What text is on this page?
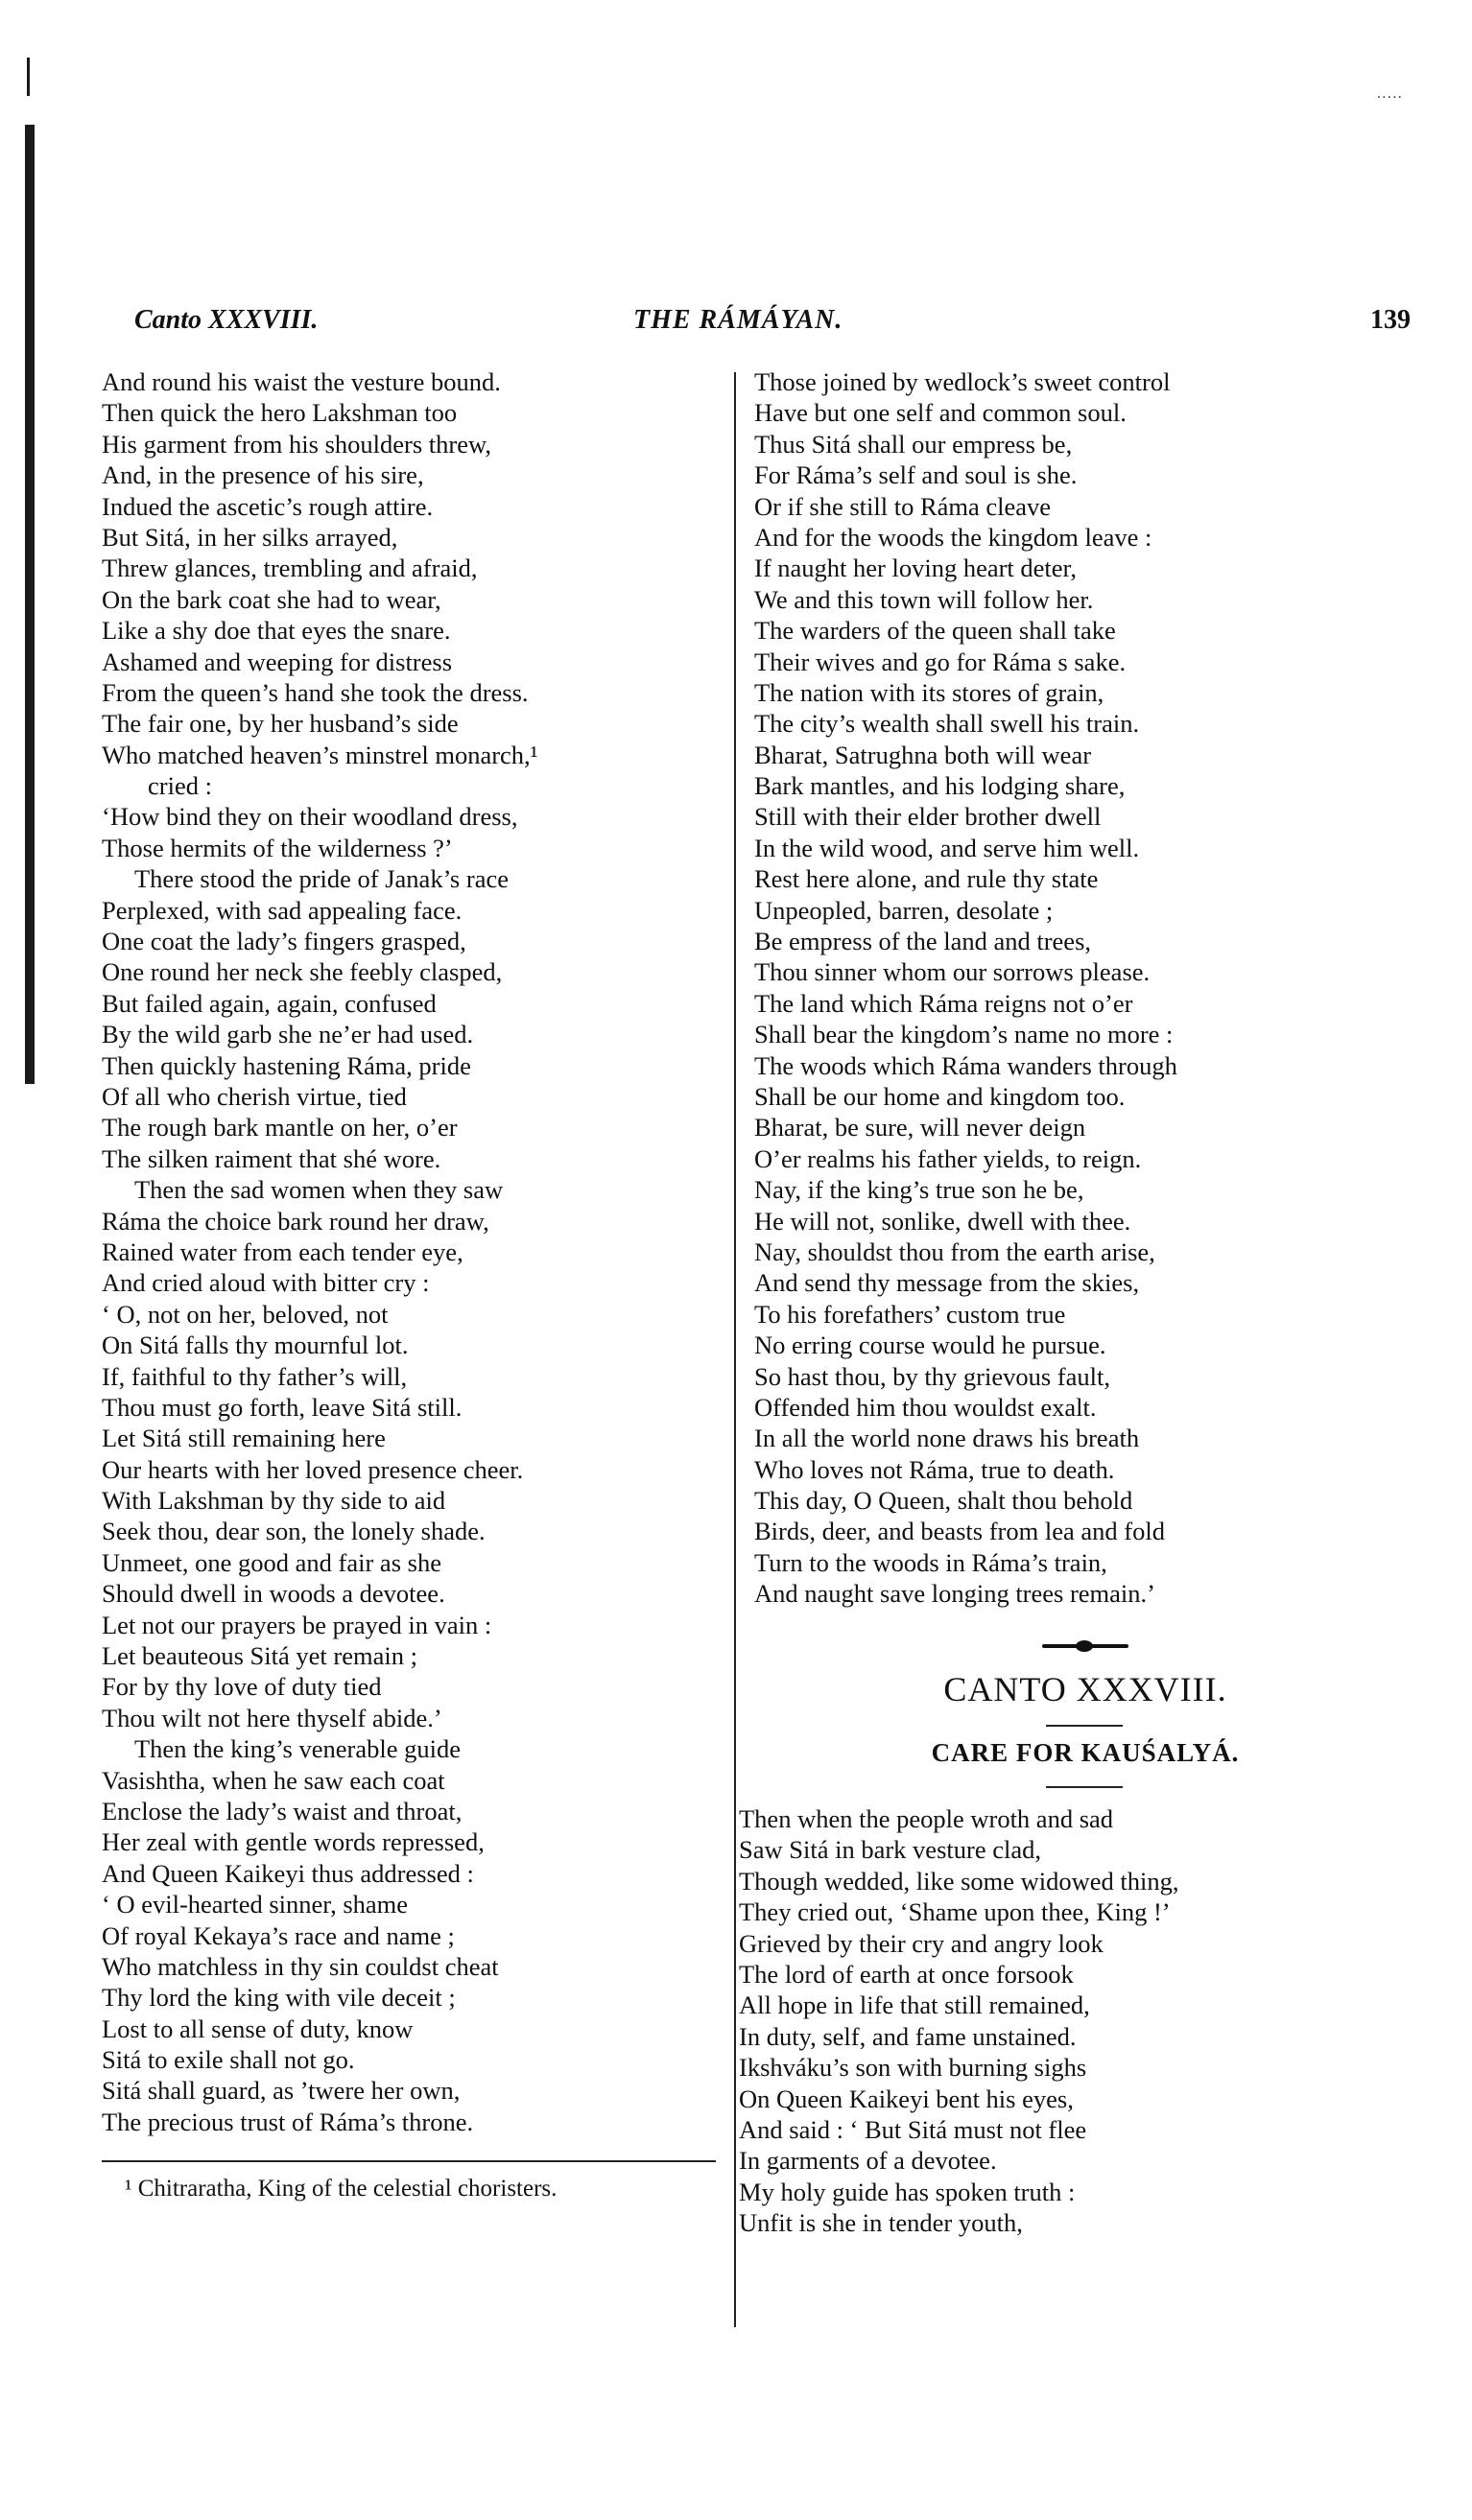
·····
Canto XXXVIII.	THE RÁMÁYAN.	139
And round his waist the vesture bound.
Then quick the hero Lakshman too
His garment from his shoulders threw,
And, in the presence of his sire,
Indued the ascetic’s rough attire.
But Sitá, in her silks arrayed,
Threw glances, trembling and afraid,
On the bark coat she had to wear,
Like a shy doe that eyes the snare.
Ashamed and weeping for distress
From the queen’s hand she took the dress.
The fair one, by her husband’s side
Who matched heaven’s minstrel monarch,¹
cried :
‘How bind they on their woodland dress,
Those hermits of the wilderness ?’
There stood the pride of Janak’s race
Perplexed, with sad appealing face.
One coat the lady’s fingers grasped,
One round her neck she feebly clasped,
But failed again, again, confused
By the wild garb she ne’er had used.
Then quickly hastening Ráma, pride
Of all who cherish virtue, tied
The rough bark mantle on her, o’er
The silken raiment that shé wore.
Then the sad women when they saw
Ráma the choice bark round her draw,
Rained water from each tender eye,
And cried aloud with bitter cry :
‘ O, not on her, beloved, not
On Sitá falls thy mournful lot.
If, faithful to thy father’s will,
Thou must go forth, leave Sitá still.
Let Sitá still remaining here
Our hearts with her loved presence cheer.
With Lakshman by thy side to aid
Seek thou, dear son, the lonely shade.
Unmeet, one good and fair as she
Should dwell in woods a devotee.
Let not our prayers be prayed in vain :
Let beauteous Sitá yet remain ;
For by thy love of duty tied
Thou wilt not here thyself abide.’
Then the king’s venerable guide
Vasishtha, when he saw each coat
Enclose the lady’s waist and throat,
Her zeal with gentle words repressed,
And Queen Kaikeyi thus addressed :
‘ O evil-hearted sinner, shame
Of royal Kekaya’s race and name ;
Who matchless in thy sin couldst cheat
Thy lord the king with vile deceit ;
Lost to all sense of duty, know
Sitá to exile shall not go.
Sitá shall guard, as ’twere her own,
The precious trust of Ráma’s throne.
¹ Chitraratha, King of the celestial choristers.
Those joined by wedlock’s sweet control
Have but one self and common soul.
Thus Sitá shall our empress be,
For Ráma’s self and soul is she.
Or if she still to Ráma cleave
And for the woods the kingdom leave :
If naught her loving heart deter,
We and this town will follow her.
The warders of the queen shall take
Their wives and go for Ráma s sake.
The nation with its stores of grain,
The city’s wealth shall swell his train.
Bharat, Satrughna both will wear
Bark mantles, and his lodging share,
Still with their elder brother dwell
In the wild wood, and serve him well.
Rest here alone, and rule thy state
Unpeopled, barren, desolate ;
Be empress of the land and trees,
Thou sinner whom our sorrows please.
The land which Ráma reigns not o’er
Shall bear the kingdom’s name no more :
The woods which Ráma wanders through
Shall be our home and kingdom too.
Bharat, be sure, will never deign
O’er realms his father yields, to reign.
Nay, if the king’s true son he be,
He will not, sonlike, dwell with thee.
Nay, shouldst thou from the earth arise,
And send thy message from the skies,
To his forefathers’ custom true
No erring course would he pursue.
So hast thou, by thy grievous fault,
Offended him thou wouldst exalt.
In all the world none draws his breath
Who loves not Ráma, true to death.
This day, O Queen, shalt thou behold
Birds, deer, and beasts from lea and fold
Turn to the woods in Ráma’s train,
And naught save longing trees remain.’
CANTO XXXVIII.
CARE FOR KAUŚALYÁ.
Then when the people wroth and sad
Saw Sitá in bark vesture clad,
Though wedded, like some widowed thing,
They cried out, ‘Shame upon thee, King !’
Grieved by their cry and angry look
The lord of earth at once forsook
All hope in life that still remained,
In duty, self, and fame unstained.
Ikshváku’s son with burning sighs
On Queen Kaikeyi bent his eyes,
And said : ‘ But Sitá must not flee
In garments of a devotee.
My holy guide has spoken truth :
Unfit is she in tender youth,
